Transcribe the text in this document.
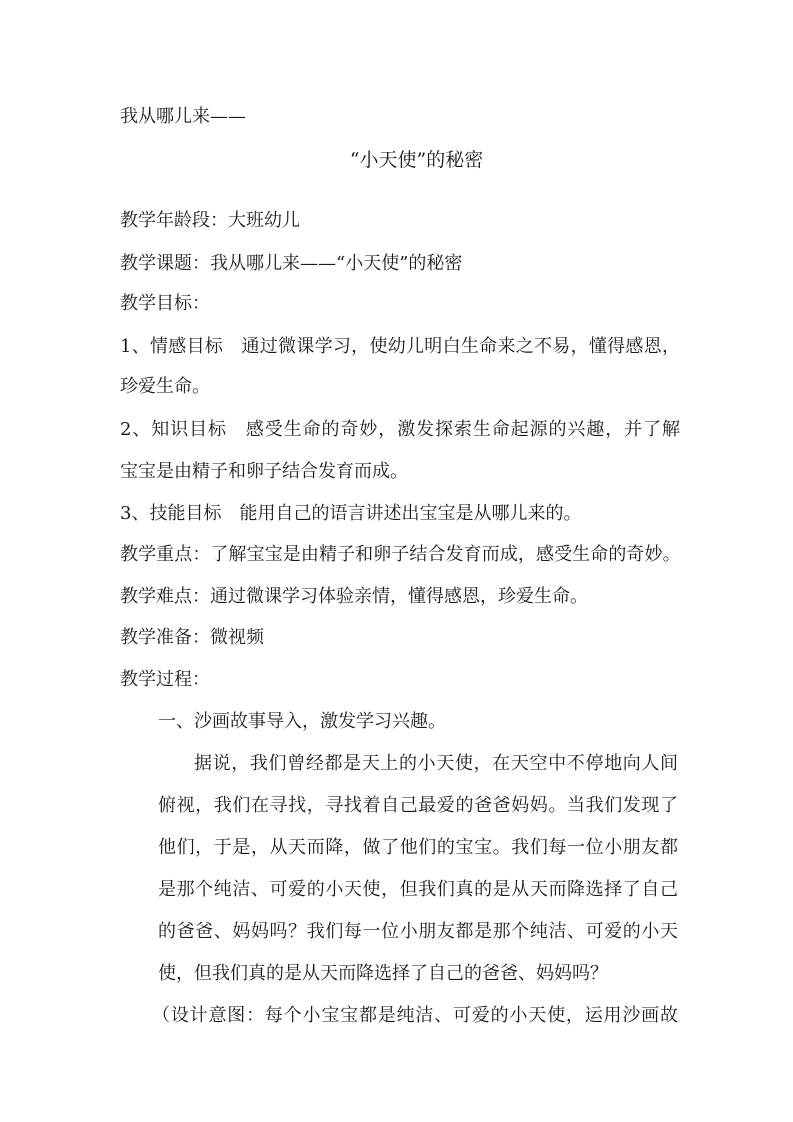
我从哪儿来——
“小天使”的秘密
教学年龄段：大班幼儿
教学课题：我从哪儿来——“小天使”的秘密
教学目标：
1、情感目标 通过微课学习，使幼儿明白生命来之不易，懂得感恩，
珍爱生命。
2、知识目标 感受生命的奇妙，激发探索生命起源的兴趣，并了解
宝宝是由精子和卵子结合发育而成。
3、技能目标 能用自己的语言讲述出宝宝是从哪儿来的。
教学重点：了解宝宝是由精子和卵子结合发育而成，感受生命的奇妙。
教学难点：通过微课学习体验亲情，懂得感恩，珍爱生命。
教学准备：微视频
教学过程：
一、沙画故事导入，激发学习兴趣。
据说，我们曾经都是天上的小天使，在天空中不停地向人间
俯视，我们在寻找，寻找着自己最爱的爸爸妈妈。当我们发现了
他们，于是，从天而降，做了他们的宝宝。我们每一位小朋友都
是那个纯洁、可爱的小天使，但我们真的是从天而降选择了自己
的爸爸、妈妈吗？我们每一位小朋友都是那个纯洁、可爱的小天
使，但我们真的是从天而降选择了自己的爸爸、妈妈吗？
（设计意图：每个小宝宝都是纯洁、可爱的小天使，运用沙画故
